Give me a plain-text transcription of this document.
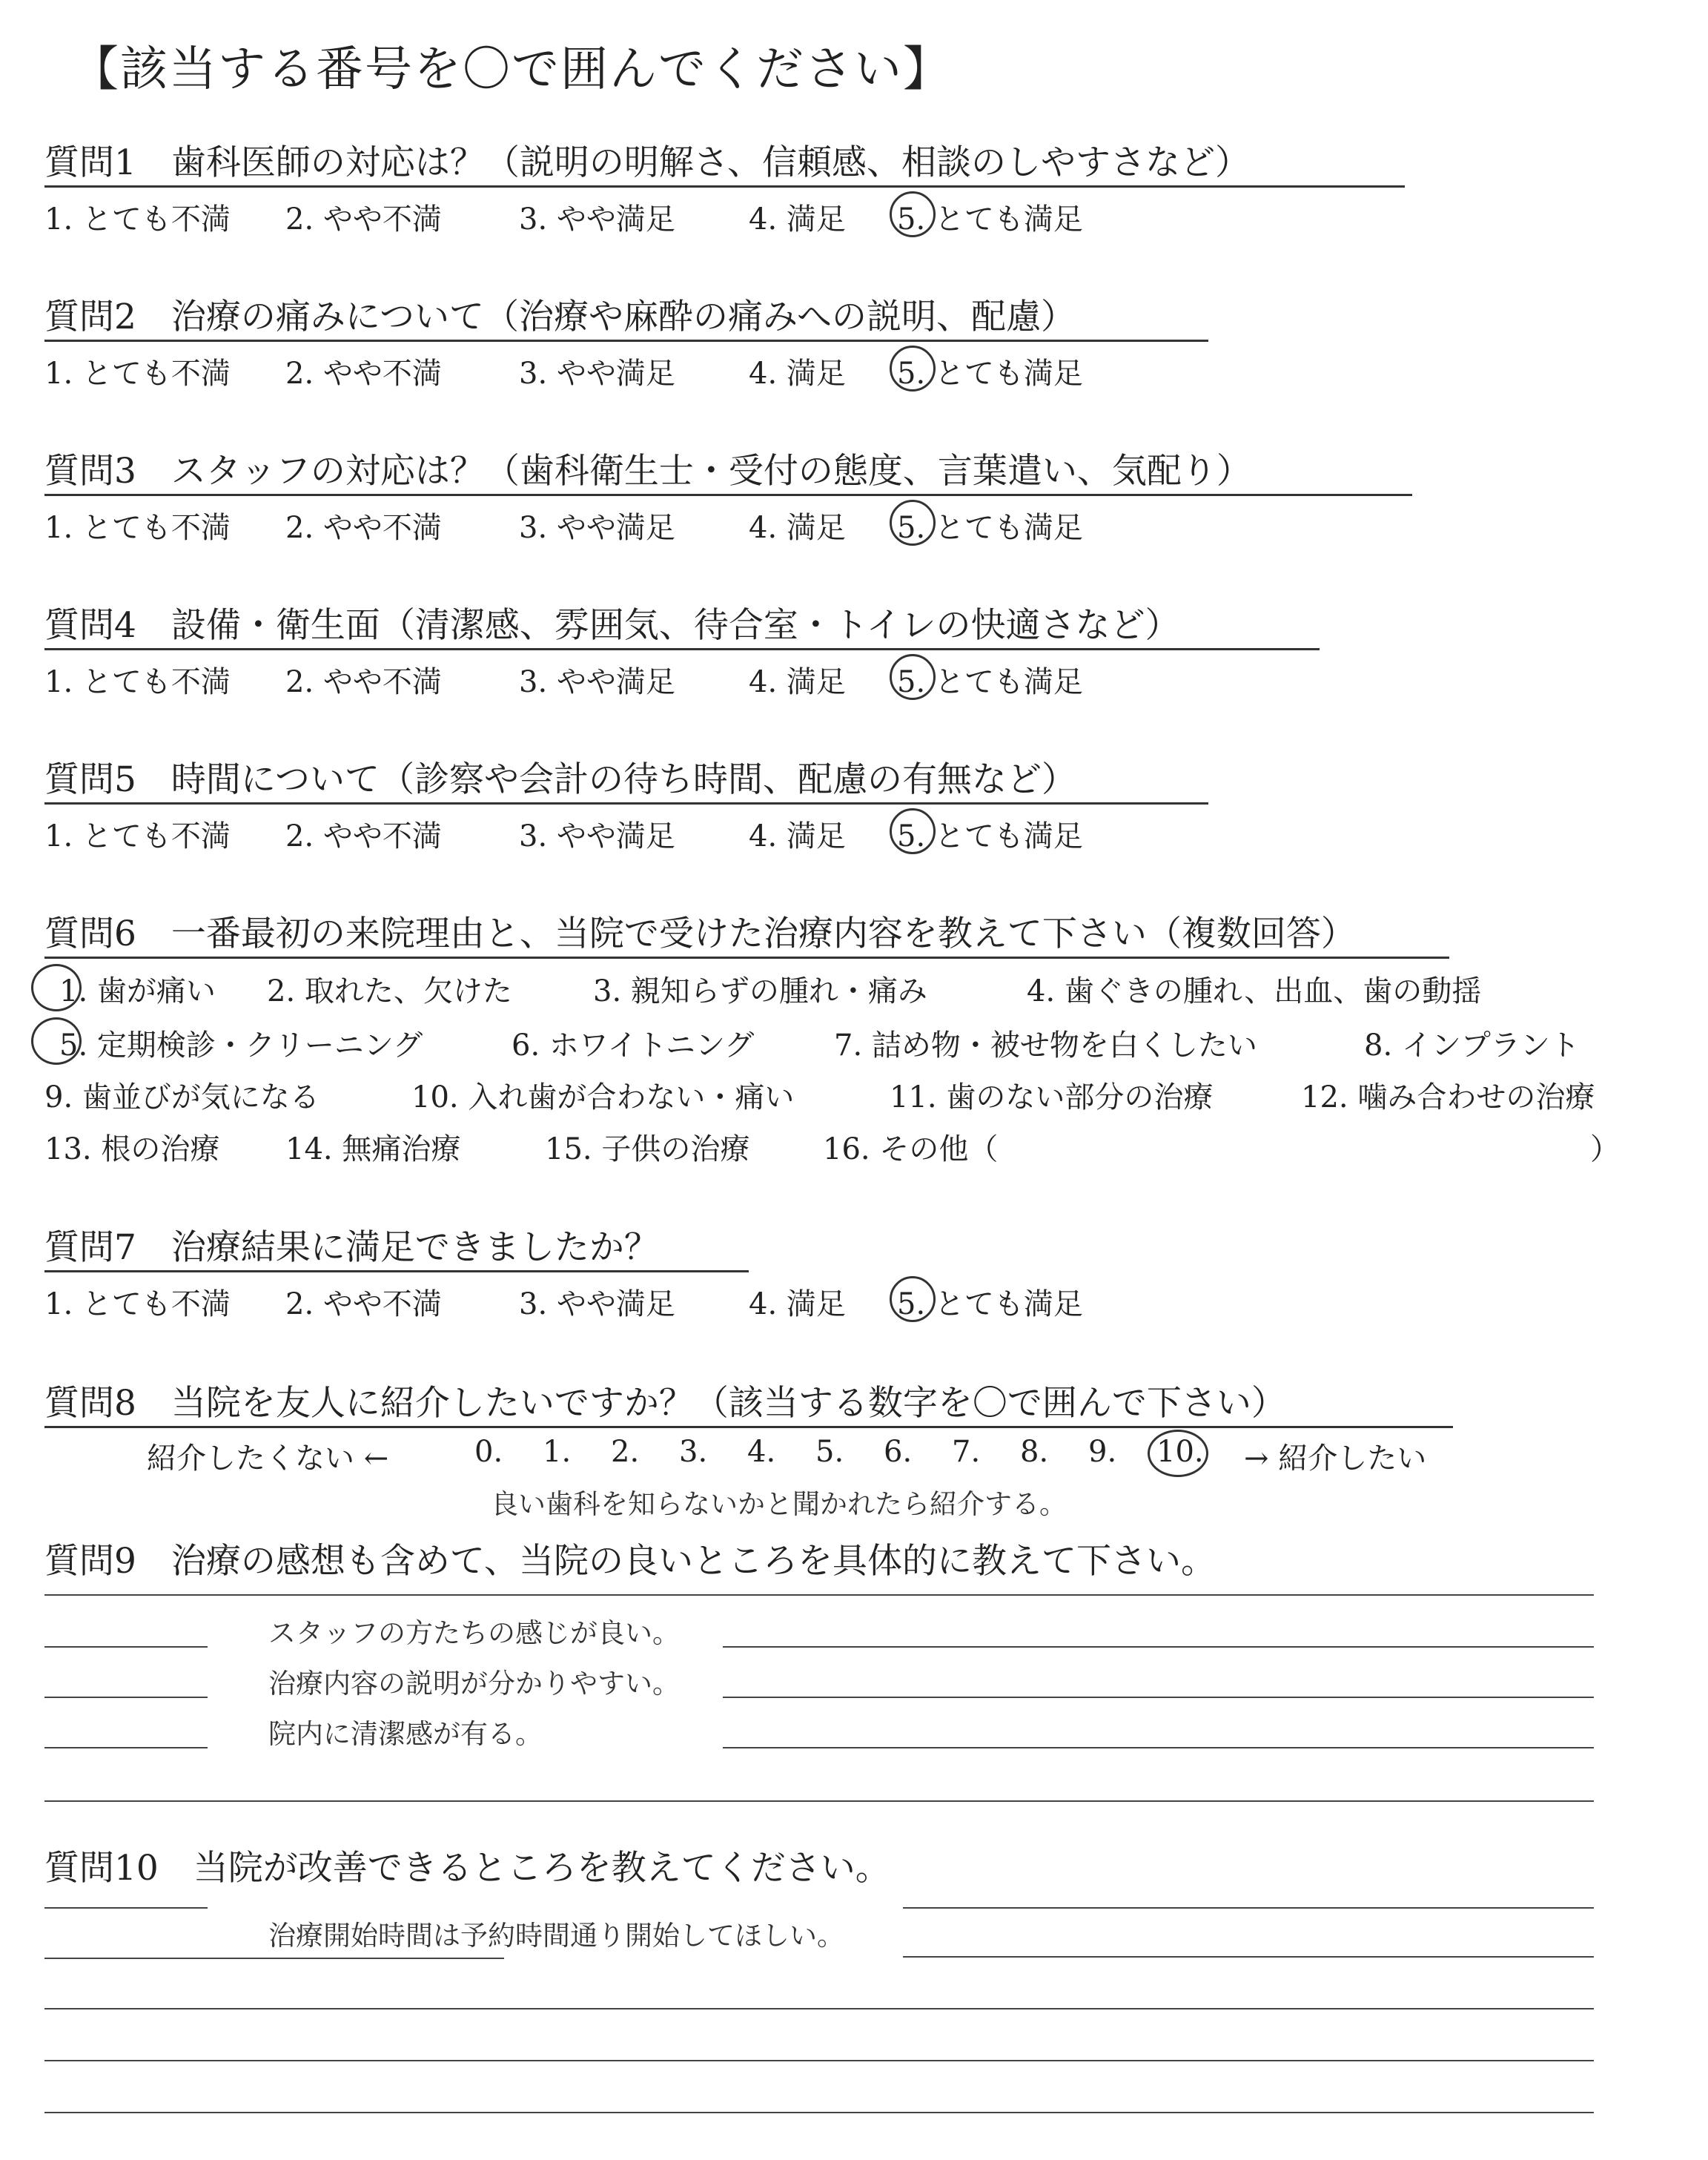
【該当する番号を〇で囲んでください】
質問1　歯科医師の対応は？（説明の明解さ、信頼感、相談のしやすさなど）
1. とても不満 2. やや不満	3. やや満足 4. 満足 5. とても満足
質問2　治療の痛みについて（治療や麻酔の痛みへの説明、配慮）
1. とても不満 2. やや不満	3. やや満足 4. 満足 5. とても満足
質問3　スタッフの対応は？（歯科衛生士・受付の態度、言葉遣い、気配り）
1. とても不満 2. やや不満	3. やや満足 4. 満足 5. とても満足
質問4　設備・衛生面（清潔感、雰囲気、待合室・トイレの快適さなど）
1. とても不満 2. やや不満	3. やや満足 4. 満足 5. とても満足
質問5　時間について（診察や会計の待ち時間、配慮の有無など）
1. とても不満 2. やや不満	3. やや満足 4. 満足 5. とても満足
質問6　一番最初の来院理由と、当院で受けた治療内容を教えて下さい（複数回答）
1. 歯が痛い 2. 取れた、欠けた	3. 親知らずの腫れ・痛み	4. 歯ぐきの腫れ、出血、歯の動揺
5. 定期検診・クリーニング	6. ホワイトニング	7. 詰め物・被せ物を白くしたい	8. インプラント
9. 歯並びが気になる	10. 入れ歯が合わない・痛い	11. 歯のない部分の治療	12. 噛み合わせの治療
13. 根の治療 14. 無痛治療	15. 子供の治療 16. その他（	）
質問7　治療結果に満足できましたか？
1. とても不満 2. やや不満	3. やや満足 4. 満足 5. とても満足
質問8　当院を友人に紹介したいですか？（該当する数字を〇で囲んで下さい）
紹介したくない ←	0. 1. 2. 3. 4. 5. 6. 7. 8. 9. 10. → 紹介したい
良い歯科を知らないかと聞かれたら紹介する。
質問9　治療の感想も含めて、当院の良いところを具体的に教えて下さい。
スタッフの方たちの感じが良い。
治療内容の説明が分かりやすい。
院内に清潔感が有る。
質問10　当院が改善できるところを教えてください。
治療開始時間は予約時間通り開始してほしい。
